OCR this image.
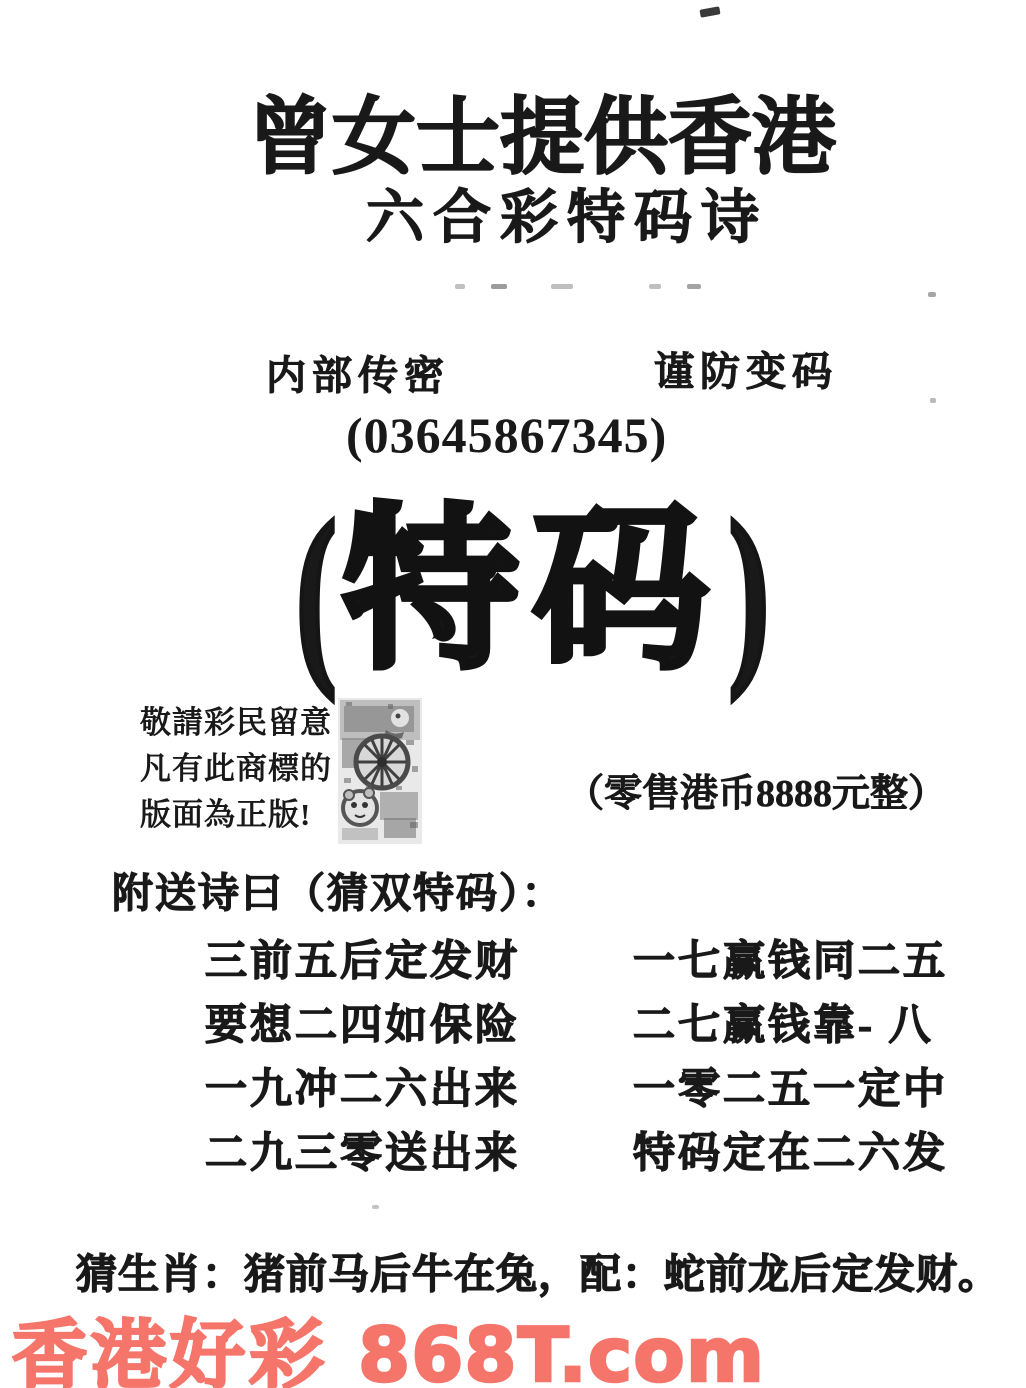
曾女士提供香港
六合彩特码诗
内部传密	谨防变码
(03645867345)
( 特码 )
敬請彩民留意
凡有此商標的
版面為正版!	（零售港币8888元整）
附送诗曰（猜双特码）：
三前五后定发财	一七赢钱同二五
要想二四如保险	二七赢钱靠- 八
一九冲二六出来	一零二五一定中
二九三零送出来	特码定在二六发
猜生肖：猪前马后牛在兔，配：蛇前龙后定发财。
香港好彩 868T.com
